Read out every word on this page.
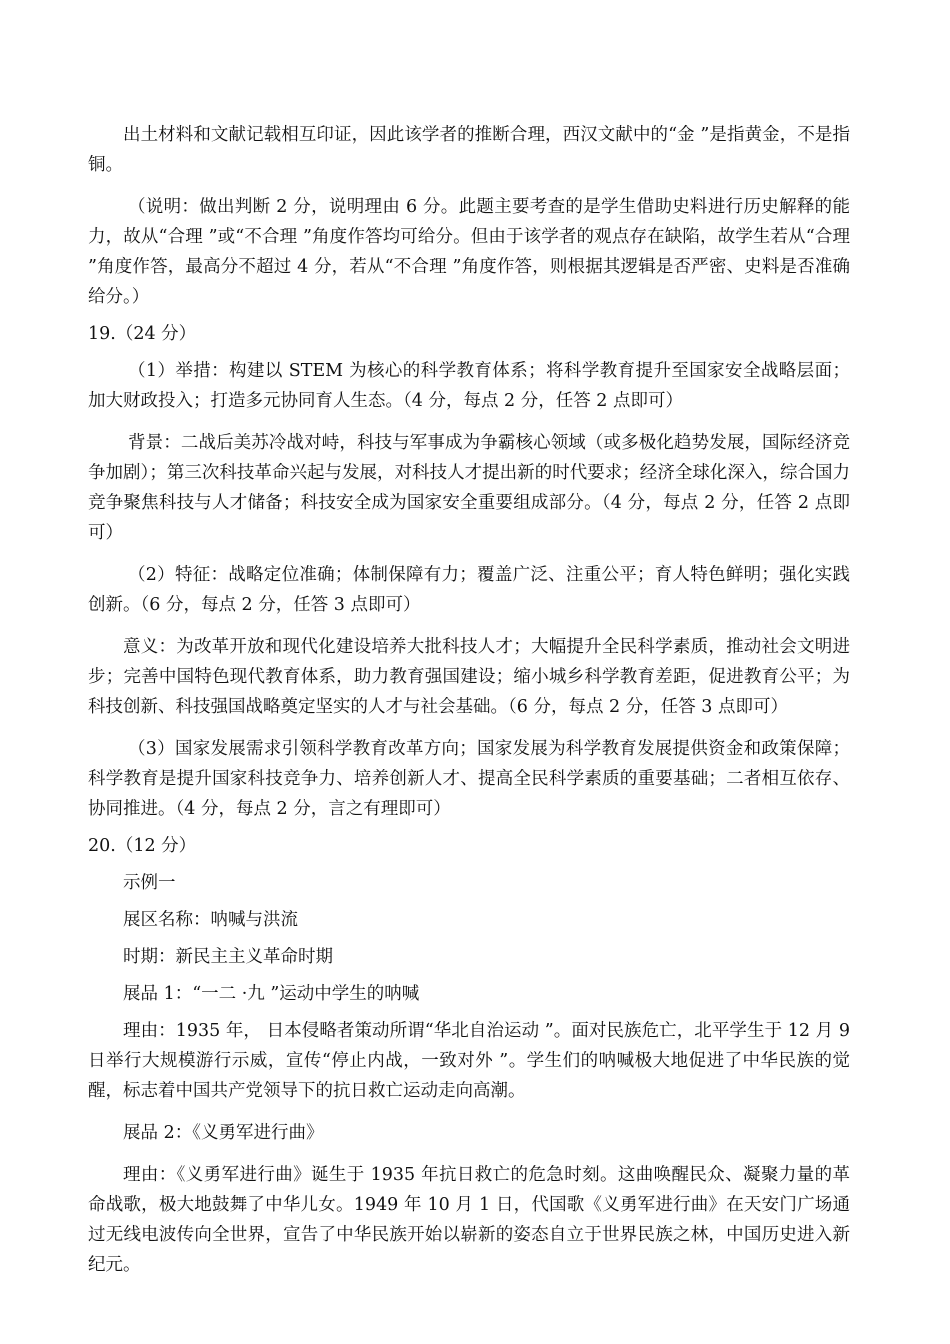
出土材料和文献记载相互印证，因此该学者的推断合理，西汉文献中的“金 ”是指黄金，不是指铜。

（说明：做出判断 2 分，说明理由 6 分。此题主要考查的是学生借助史料进行历史解释的能力，故从“合理 ”或“不合理 ”角度作答均可给分。但由于该学者的观点存在缺陷，故学生若从“合理 ”角度作答，最高分不超过 4 分，若从“不合理 ”角度作答，则根据其逻辑是否严密、史料是否准确给分。）

19.（24 分）

（1）举措：构建以 STEM 为核心的科学教育体系；将科学教育提升至国家安全战略层面；加大财政投入；打造多元协同育人生态。（4 分，每点 2 分，任答 2 点即可）

背景：二战后美苏冷战对峙，科技与军事成为争霸核心领域（或多极化趋势发展，国际经济竞争加剧）；第三次科技革命兴起与发展，对科技人才提出新的时代要求；经济全球化深入，综合国力竞争聚焦科技与人才储备；科技安全成为国家安全重要组成部分。（4 分，每点 2 分，任答 2 点即可）

（2）特征：战略定位准确；体制保障有力；覆盖广泛、注重公平；育人特色鲜明；强化实践创新。（6 分，每点 2 分，任答 3 点即可）

意义：为改革开放和现代化建设培养大批科技人才；大幅提升全民科学素质，推动社会文明进步；完善中国特色现代教育体系，助力教育强国建设；缩小城乡科学教育差距，促进教育公平；为科技创新、科技强国战略奠定坚实的人才与社会基础。（6 分，每点 2 分，任答 3 点即可）

（3）国家发展需求引领科学教育改革方向；国家发展为科学教育发展提供资金和政策保障；科学教育是提升国家科技竞争力、培养创新人才、提高全民科学素质的重要基础；二者相互依存、协同推进。（4 分，每点 2 分，言之有理即可）

20.（12 分）

示例一

展区名称：呐喊与洪流

时期：新民主主义革命时期

展品 1：“一二 ·九 ”运动中学生的呐喊

理由：1935 年， 日本侵略者策动所谓“华北自治运动 ”。面对民族危亡，北平学生于 12 月 9 日举行大规模游行示威，宣传“停止内战，一致对外 ”。学生们的呐喊极大地促进了中华民族的觉醒，标志着中国共产党领导下的抗日救亡运动走向高潮。

展品 2：《义勇军进行曲》

理由：《义勇军进行曲》诞生于 1935 年抗日救亡的危急时刻。这曲唤醒民众、凝聚力量的革命战歌，极大地鼓舞了中华儿女。1949 年 10 月 1 日，代国歌《义勇军进行曲》在天安门广场通过无线电波传向全世界，宣告了中华民族开始以崭新的姿态自立于世界民族之林，中国历史进入新纪元。
